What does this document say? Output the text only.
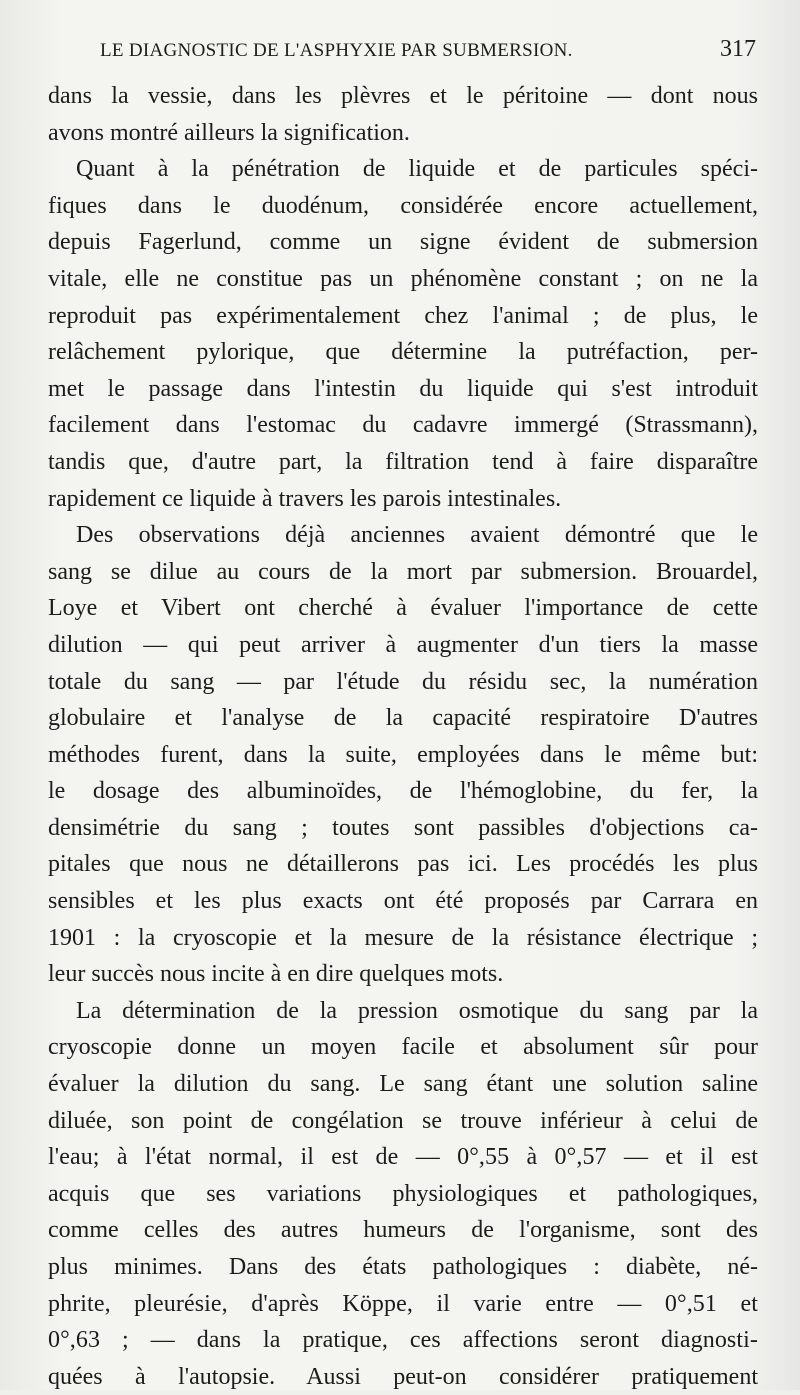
LE DIAGNOSTIC DE L'ASPHYXIE PAR SUBMERSION.	317
dans la vessie, dans les plèvres et le péritoine — dont nous
avons montré ailleurs la signification.
Quant à la pénétration de liquide et de particules spéci-
fiques dans le duodénum, considérée encore actuellement,
depuis Fagerlund, comme un signe évident de submersion
vitale, elle ne constitue pas un phénomène constant ; on ne la
reproduit pas expérimentalement chez l'animal ; de plus, le
relâchement pylorique, que détermine la putréfaction, per-
met le passage dans l'intestin du liquide qui s'est introduit
facilement dans l'estomac du cadavre immergé (Strassmann),
tandis que, d'autre part, la filtration tend à faire disparaître
rapidement ce liquide à travers les parois intestinales.
Des observations déjà anciennes avaient démontré que le
sang se dilue au cours de la mort par submersion. Brouardel,
Loye et Vibert ont cherché à évaluer l'importance de cette
dilution — qui peut arriver à augmenter d'un tiers la masse
totale du sang — par l'étude du résidu sec, la numération
globulaire et l'analyse de la capacité respiratoire D'autres
méthodes furent, dans la suite, employées dans le même but:
le dosage des albuminoïdes, de l'hémoglobine, du fer, la
densimétrie du sang ; toutes sont passibles d'objections ca-
pitales que nous ne détaillerons pas ici. Les procédés les plus
sensibles et les plus exacts ont été proposés par Carrara en
1901 : la cryoscopie et la mesure de la résistance électrique ;
leur succès nous incite à en dire quelques mots.
La détermination de la pression osmotique du sang par la
cryoscopie donne un moyen facile et absolument sûr pour
évaluer la dilution du sang. Le sang étant une solution saline
diluée, son point de congélation se trouve inférieur à celui de
l'eau; à l'état normal, il est de — 0°,55 à 0°,57 — et il est
acquis que ses variations physiologiques et pathologiques,
comme celles des autres humeurs de l'organisme, sont des
plus minimes. Dans des états pathologiques : diabète, né-
phrite, pleurésie, d'après Köppe, il varie entre — 0°,51 et
0°,63 ; — dans la pratique, ces affections seront diagnosti-
quées à l'autopsie. Aussi peut-on considérer pratiquement
